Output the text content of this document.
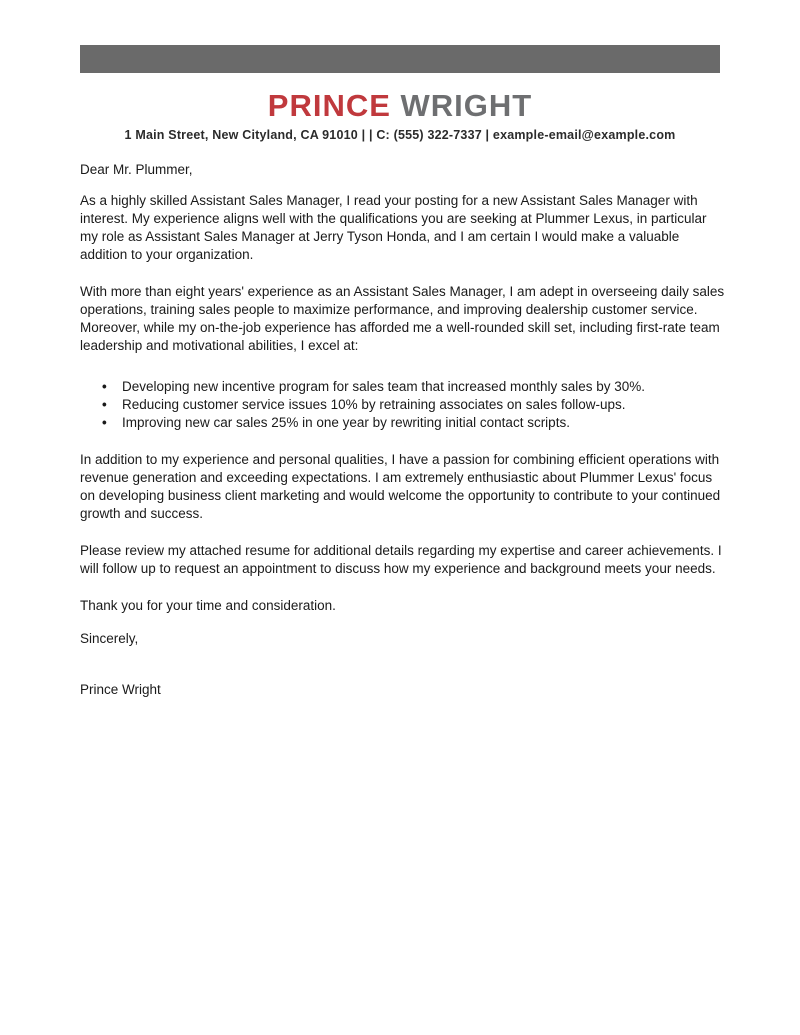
PRINCE WRIGHT
1 Main Street, New Cityland, CA 91010 | | C: (555) 322-7337 | example-email@example.com

Dear Mr. Plummer,

As a highly skilled Assistant Sales Manager, I read your posting for a new Assistant Sales Manager with interest. My experience aligns well with the qualifications you are seeking at Plummer Lexus, in particular my role as Assistant Sales Manager at Jerry Tyson Honda, and I am certain I would make a valuable addition to your organization.

With more than eight years' experience as an Assistant Sales Manager, I am adept in overseeing daily sales operations, training sales people to maximize performance, and improving dealership customer service. Moreover, while my on-the-job experience has afforded me a well-rounded skill set, including first-rate team leadership and motivational abilities, I excel at:

• Developing new incentive program for sales team that increased monthly sales by 30%.
• Reducing customer service issues 10% by retraining associates on sales follow-ups.
• Improving new car sales 25% in one year by rewriting initial contact scripts.

In addition to my experience and personal qualities, I have a passion for combining efficient operations with revenue generation and exceeding expectations. I am extremely enthusiastic about Plummer Lexus' focus on developing business client marketing and would welcome the opportunity to contribute to your continued growth and success.

Please review my attached resume for additional details regarding my expertise and career achievements. I will follow up to request an appointment to discuss how my experience and background meets your needs.

Thank you for your time and consideration.

Sincerely,

Prince Wright
